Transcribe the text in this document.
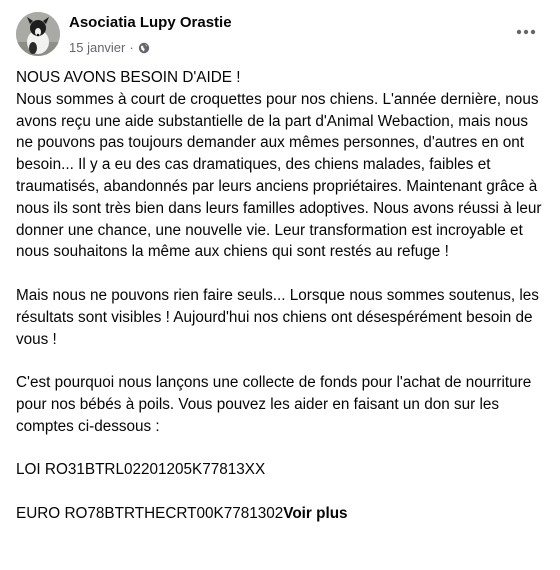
Asociatia Lupy Orastie
15 janvier ·

NOUS AVONS BESOIN D'AIDE !
Nous sommes à court de croquettes pour nos chiens. L'année dernière, nous avons reçu une aide substantielle de la part d'Animal Webaction, mais nous ne pouvons pas toujours demander aux mêmes personnes, d'autres en ont besoin... Il y a eu des cas dramatiques, des chiens malades, faibles et traumatisés, abandonnés par leurs anciens propriétaires. Maintenant grâce à nous ils sont très bien dans leurs familles adoptives. Nous avons réussi à leur donner une chance, une nouvelle vie. Leur transformation est incroyable et nous souhaitons la même aux chiens qui sont restés au refuge !

Mais nous ne pouvons rien faire seuls... Lorsque nous sommes soutenus, les résultats sont visibles ! Aujourd'hui nos chiens ont désespérément besoin de vous !

C'est pourquoi nous lançons une collecte de fonds pour l'achat de nourriture pour nos bébés à poils. Vous pouvez les aider en faisant un don sur les comptes ci-dessous :

LOI RO31BTRL02201205K77813XX

EURO RO78BTRTHECRT00K7781302Voir plus
